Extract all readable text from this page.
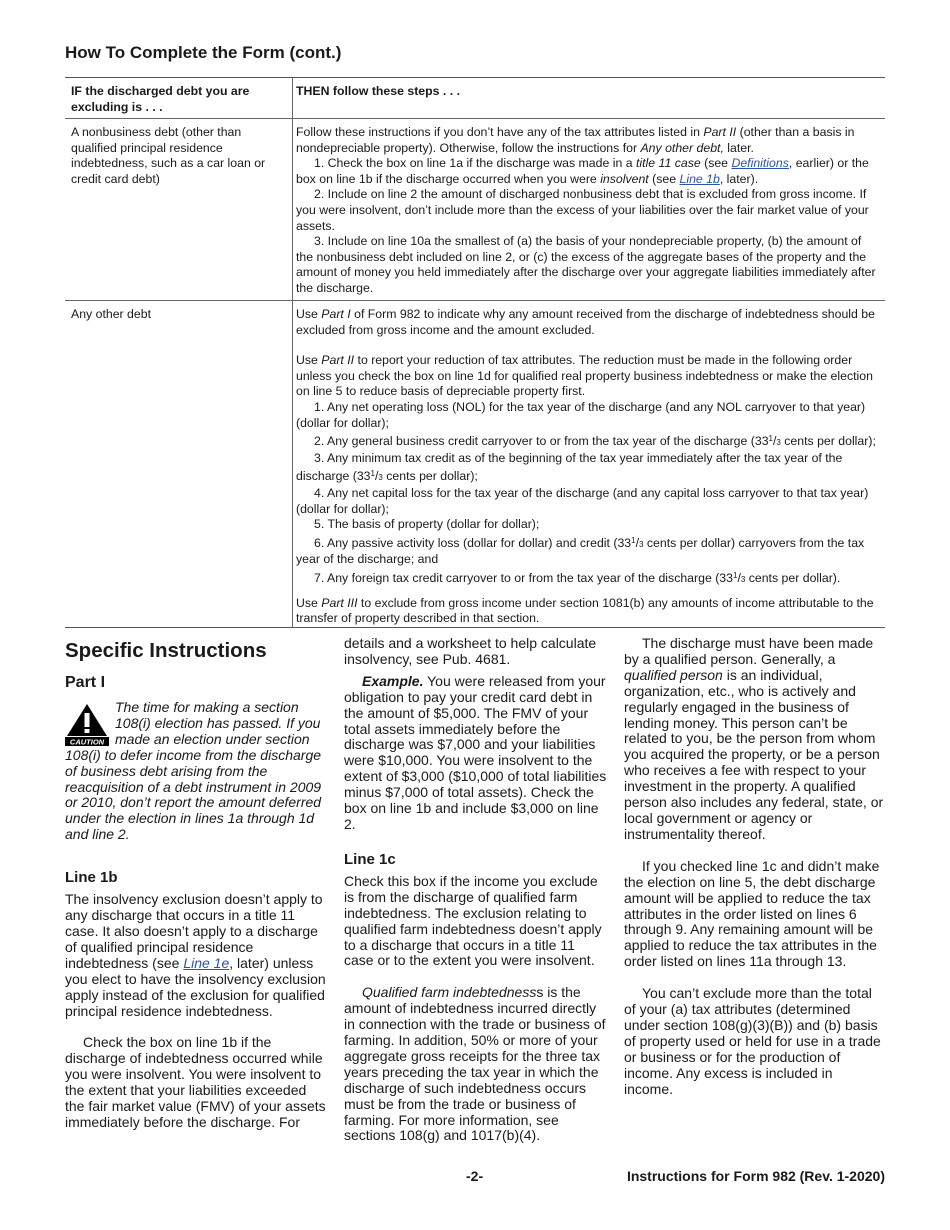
How To Complete the Form (cont.)
IF the discharged debt you are excluding is . . .
THEN follow these steps . . .
A nonbusiness debt (other than qualified principal residence indebtedness, such as a car loan or credit card debt)

Follow these instructions if you don’t have any of the tax attributes listed in Part II (other than a basis in nondepreciable property). Otherwise, follow the instructions for Any other debt, later.

1. Check the box on line 1a if the discharge was made in a title 11 case (see Definitions, earlier) or the box on line 1b if the discharge occurred when you were insolvent (see Line 1b, later).

2. Include on line 2 the amount of discharged nonbusiness debt that is excluded from gross income. If you were insolvent, don’t include more than the excess of your liabilities over the fair market value of your assets.

3. Include on line 10a the smallest of (a) the basis of your nondepreciable property, (b) the amount of the nonbusiness debt included on line 2, or (c) the excess of the aggregate bases of the property and the amount of money you held immediately after the discharge over your aggregate liabilities immediately after the discharge.

Any other debt	Use Part I of Form 982 to indicate why any amount received from the discharge of indebtedness should be excluded from gross income and the amount excluded.

Use Part II to report your reduction of tax attributes. The reduction must be made in the following order unless you check the box on line 1d for qualified real property business indebtedness or make the election on line 5 to reduce basis of depreciable property first.

1. Any net operating loss (NOL) for the tax year of the discharge (and any NOL carryover to that year) (dollar for dollar);

2. Any general business credit carryover to or from the tax year of the discharge ($33^1/3$ cents per dollar);

3. Any minimum tax credit as of the beginning of the tax year immediately after the tax year of the discharge ($33^1/3$ cents per dollar);

4. Any net capital loss for the tax year of the discharge (and any capital loss carryover to that tax year) (dollar for dollar);

5. The basis of property (dollar for dollar);

6. Any passive activity loss (dollar for dollar) and credit ($33^1/3$ cents per dollar) carryovers from the tax year of the discharge; and

7. Any foreign tax credit carryover to or from the tax year of the discharge ($33^1/3$ cents per dollar).

Use Part III to exclude from gross income under section 1081(b) any amounts of income attributable to the transfer of property described in that section.

Specific Instructions
Part I
CAUTION
The time for making a section 108(i) election has passed. If you made an election under section 108(i) to defer income from the discharge of business debt arising from the reacquisition of a debt instrument in 2009 or 2010, don’t report the amount deferred under the election in lines 1a through 1d and line 2.
Line 1b

The insolvency exclusion doesn’t apply to any discharge that occurs in a title 11 case. It also doesn’t apply to a discharge of qualified principal residence indebtedness (see Line 1e, later) unless you elect to have the insolvency exclusion apply instead of the exclusion for qualified principal residence indebtedness.

Check the box on line 1b if the discharge of indebtedness occurred while you were insolvent. You were insolvent to the extent that your liabilities exceeded the fair market value (FMV) of your assets immediately before the discharge. For

details and a worksheet to help calculate insolvency, see Pub. 4681.

Example. You were released from your obligation to pay your credit card debt in the amount of $5,000. The FMV of your total assets immediately before the discharge was $7,000 and your liabilities were $10,000. You were insolvent to the extent of $3,000 ($10,000 of total liabilities minus $7,000 of total assets). Check the box on line 1b and include $3,000 on line 2.

Line 1c

Check this box if the income you exclude is from the discharge of qualified farm indebtedness. The exclusion relating to qualified farm indebtedness doesn’t apply to a discharge that occurs in a title 11 case or to the extent you were insolvent.

Qualified farm indebtednesss is the amount of indebtedness incurred directly in connection with the trade or business of farming. In addition, 50% or more of your aggregate gross receipts for the three tax years preceding the tax year in which the discharge of such indebtedness occurs must be from the trade or business of farming. For more information, see sections 108(g) and 1017(b)(4).

The discharge must have been made by a qualified person. Generally, a qualified person is an individual, organization, etc., who is actively and regularly engaged in the business of lending money. This person can’t be related to you, be the person from whom you acquired the property, or be a person who receives a fee with respect to your investment in the property. A qualified person also includes any federal, state, or local government or agency or instrumentality thereof.

If you checked line 1c and didn’t make the election on line 5, the debt discharge amount will be applied to reduce the tax attributes in the order listed on lines 6 through 9. Any remaining amount will be applied to reduce the tax attributes in the order listed on lines 11a through 13.

You can’t exclude more than the total of your (a) tax attributes (determined under section 108(g)(3)(B)) and (b) basis of property used or held for use in a trade or business or for the production of income. Any excess is included in income.

-2-	Instructions for Form 982 (Rev. 1-2020)
